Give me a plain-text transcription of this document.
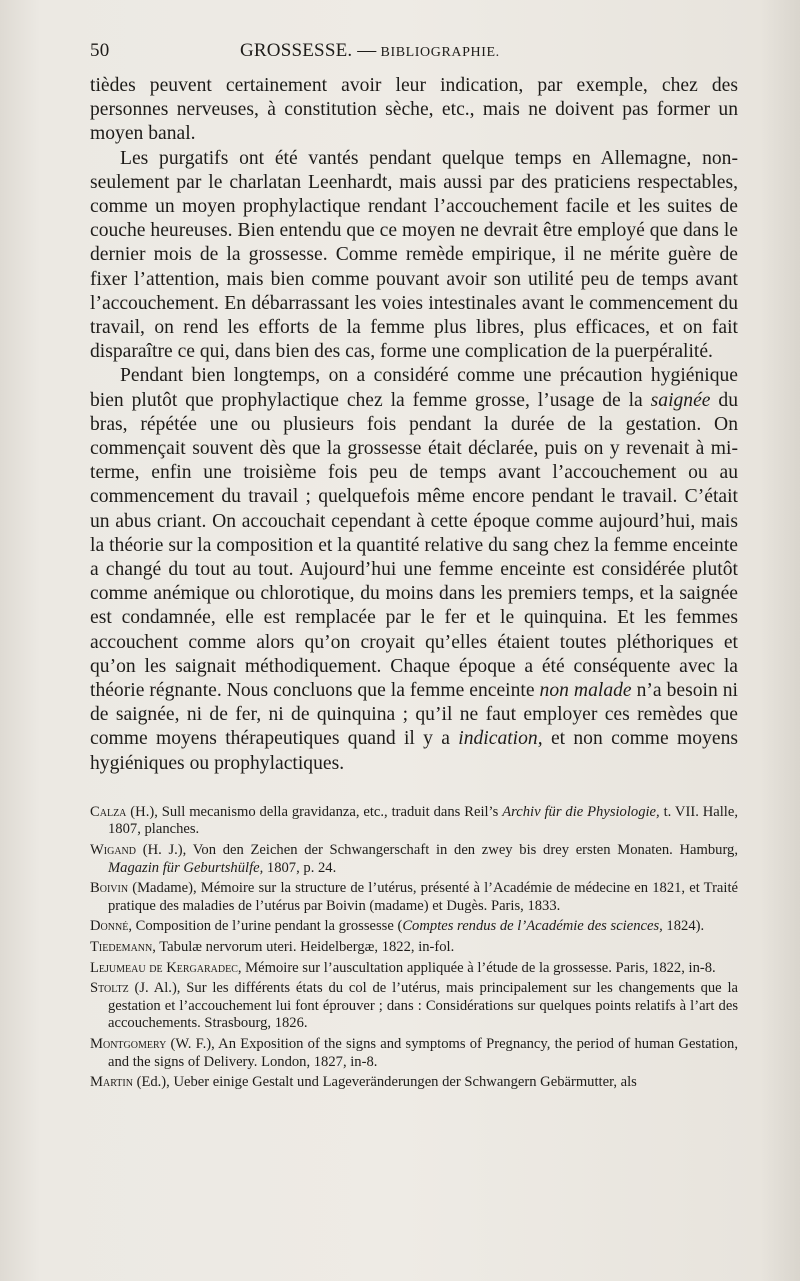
50	GROSSESSE. — BIBLIOGRAPHIE.

tièdes peuvent certainement avoir leur indication, par exemple, chez des personnes nerveuses, à constitution sèche, etc., mais ne doivent pas former un moyen banal.

Les purgatifs ont été vantés pendant quelque temps en Allemagne, non-seulement par le charlatan Leenhardt, mais aussi par des praticiens respectables, comme un moyen prophylactique rendant l’accouchement facile et les suites de couche heureuses. Bien entendu que ce moyen ne devrait être employé que dans le dernier mois de la grossesse. Comme remède empirique, il ne mérite guère de fixer l’attention, mais bien comme pouvant avoir son utilité peu de temps avant l’accouchement. En débarrassant les voies intestinales avant le commencement du travail, on rend les efforts de la femme plus libres, plus efficaces, et on fait disparaître ce qui, dans bien des cas, forme une complication de la puerpéralité.

Pendant bien longtemps, on a considéré comme une précaution hygiénique bien plutôt que prophylactique chez la femme grosse, l’usage de la saignée du bras, répétée une ou plusieurs fois pendant la durée de la gestation. On commençait souvent dès que la grossesse était déclarée, puis on y revenait à mi-terme, enfin une troisième fois peu de temps avant l’accouchement ou au commencement du travail ; quelquefois même encore pendant le travail. C’était un abus criant. On accouchait cependant à cette époque comme aujourd’hui, mais la théorie sur la composition et la quantité relative du sang chez la femme enceinte a changé du tout au tout. Aujourd’hui une femme enceinte est considérée plutôt comme anémique ou chlorotique, du moins dans les premiers temps, et la saignée est condamnée, elle est remplacée par le fer et le quinquina. Et les femmes accouchent comme alors qu’on croyait qu’elles étaient toutes pléthoriques et qu’on les saignait méthodiquement. Chaque époque a été conséquente avec la théorie régnante. Nous concluons que la femme enceinte non malade n’a besoin ni de saignée, ni de fer, ni de quinquina ; qu’il ne faut employer ces remèdes que comme moyens thérapeutiques quand il y a indication, et non comme moyens hygiéniques ou prophylactiques.

Calza (H.), Sull mecanismo della gravidanza, etc., traduit dans Reil’s Archiv für die Physiologie, t. VII. Halle, 1807, planches.

Wigand (H. J.), Von den Zeichen der Schwangerschaft in den zwey bis drey ersten Monaten. Hamburg, Magazin für Geburtshülfe, 1807, p. 24.

Boivin (Madame), Mémoire sur la structure de l’utérus, présenté à l’Académie de médecine en 1821, et Traité pratique des maladies de l’utérus par Boivin (madame) et Dugès. Paris, 1833.

Donné, Composition de l’urine pendant la grossesse (Comptes rendus de l’Académie des sciences, 1824).

Tiedemann, Tabulæ nervorum uteri. Heidelbergæ, 1822, in-fol.

Lejumeau de Kergaradec, Mémoire sur l’auscultation appliquée à l’étude de la grossesse. Paris, 1822, in-8.

Stoltz (J. Al.), Sur les différents états du col de l’utérus, mais principalement sur les changements que la gestation et l’accouchement lui font éprouver ; dans : Considérations sur quelques points relatifs à l’art des accouchements. Strasbourg, 1826.

Montgomery (W. F.), An Exposition of the signs and symptoms of Pregnancy, the period of human Gestation, and the signs of Delivery. London, 1827, in-8.

Martin (Ed.), Ueber einige Gestalt und Lageveränderungen der Schwangern Gebärmutter, als
